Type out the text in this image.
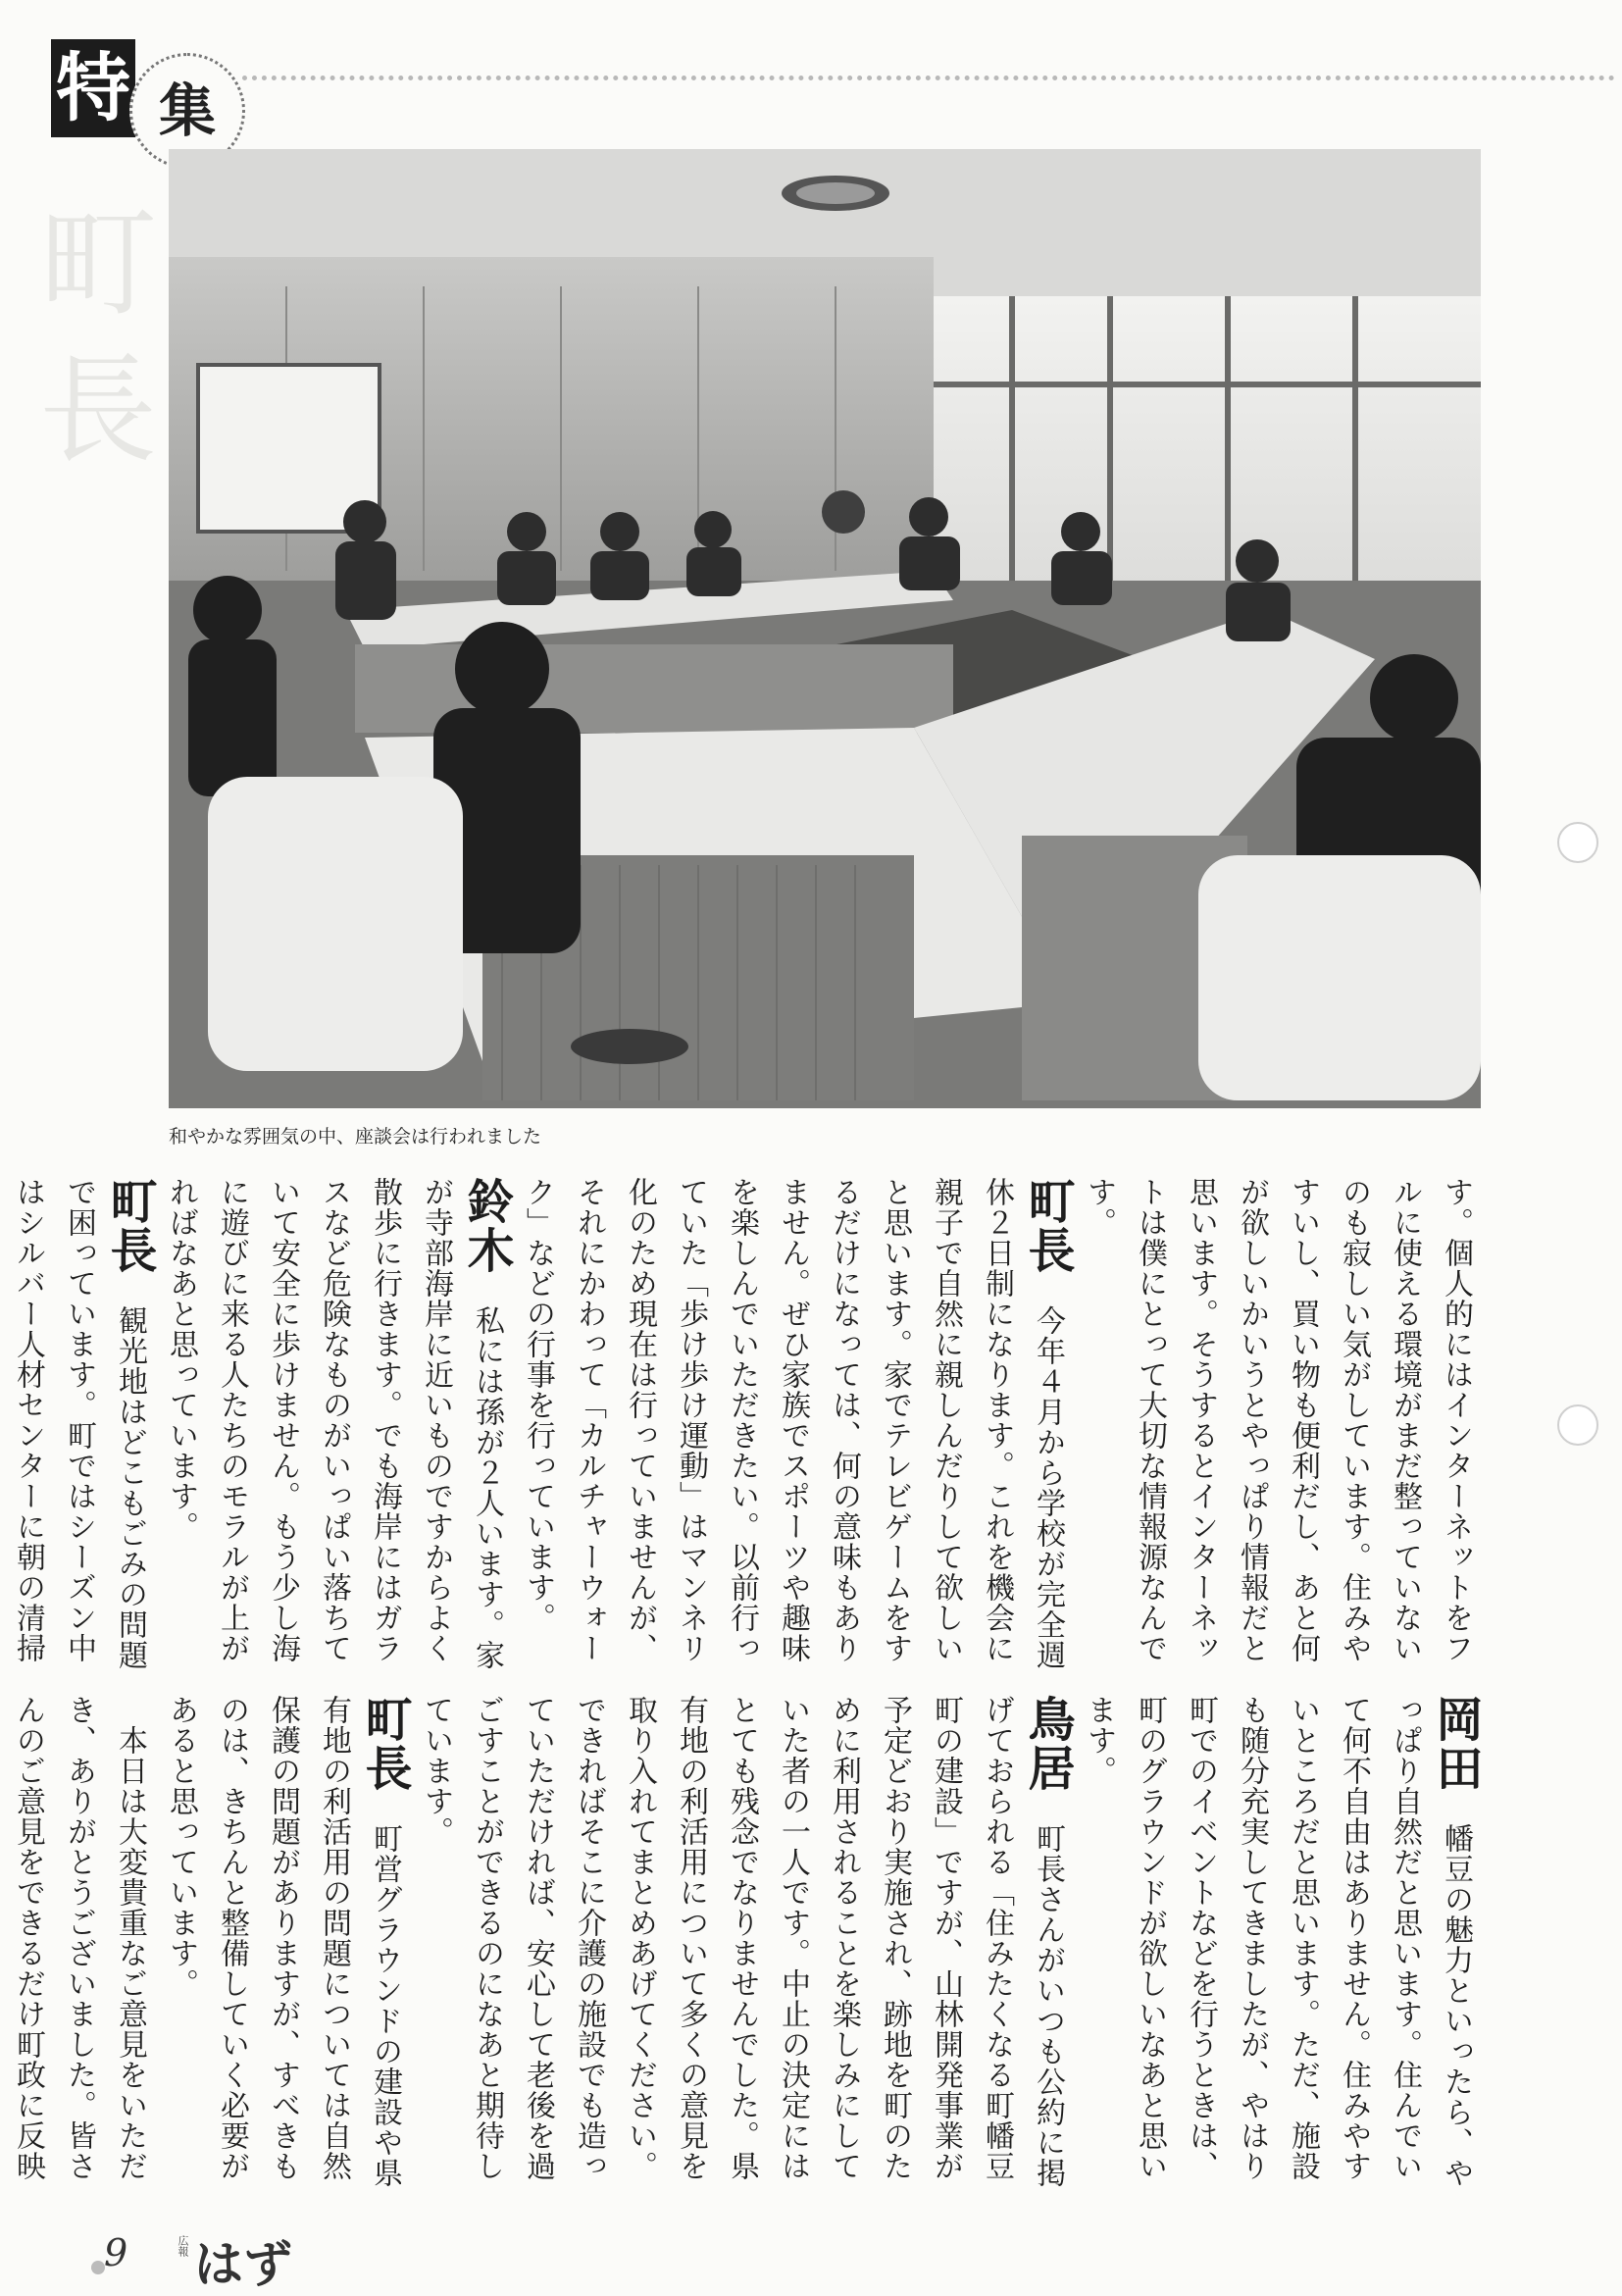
特 集
町長
和やかな雰囲気の中、座談会は行われました

す。個人的にはインターネットをフルに使える環境がまだ整っていないのも寂しい気がしています。住みやすいし、買い物も便利だし、あと何が欲しいかいうとやっぱり情報だと思います。そうするとインターネットは僕にとって大切な情報源なんです。

町長　今年４月から学校が完全週休２日制になります。これを機会に親子で自然に親しんだりして欲しいと思います。家でテレビゲームをするだけになっては、何の意味もありません。ぜひ家族でスポーツや趣味を楽しんでいただきたい。以前行っていた「歩け歩け運動」はマンネリ化のため現在は行っていませんが、それにかわって「カルチャーウォーク」などの行事を行っています。

鈴木　私には孫が２人います。家が寺部海岸に近いものですからよく散歩に行きます。でも海岸にはガラスなど危険なものがいっぱい落ちていて安全に歩けません。もう少し海に遊びに来る人たちのモラルが上がればなあと思っています。

町長　観光地はどこもごみの問題で困っています。町ではシーズン中はシルバー人材センターに朝の清掃

岡田　幡豆の魅力といったら、やっぱり自然だと思います。住んでいて何不自由はありません。住みやすいところだと思います。ただ、施設も随分充実してきましたが、やはり町でのイベントなどを行うときは、町のグラウンドが欲しいなあと思います。

鳥居　町長さんがいつも公約に掲げておられる「住みたくなる町幡豆町の建設」ですが、山林開発事業が予定どおり実施され、跡地を町のために利用されることを楽しみにしていた者の一人です。中止の決定にはとても残念でなりませんでした。県有地の利活用について多くの意見を取り入れてまとめあげてください。できればそこに介護の施設でも造っていただければ、安心して老後を過ごすことができるのになあと期待しています。

町長　町営グラウンドの建設や県有地の利活用の問題については自然保護の問題がありますが、すべきものは、きちんと整備していく必要があると思っています。

　本日は大変貴重なご意見をいただき、ありがとうございました。皆さんのご意見をできるだけ町政に反映

9	広報 はず
